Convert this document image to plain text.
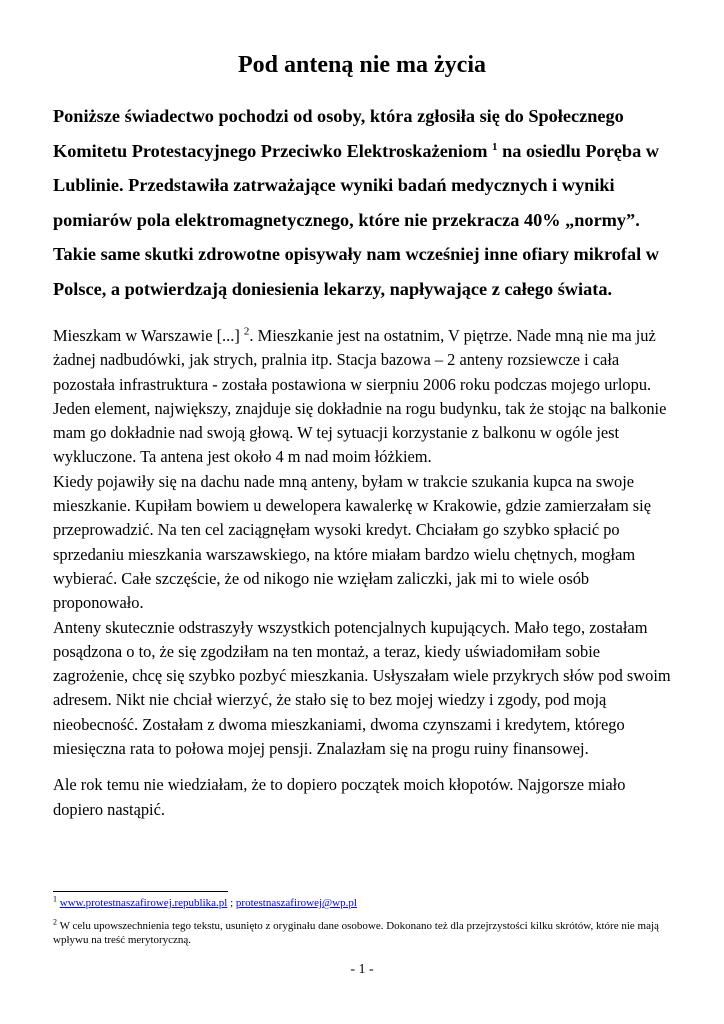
Pod anteną nie ma życia

Poniższe świadectwo pochodzi od osoby, która zgłosiła się do Społecznego Komitetu Protestacyjnego Przeciwko Elektroskażeniom $^1$ na osiedlu Poręba w Lublinie. Przedstawiła zatrważające wyniki badań medycznych i wyniki pomiarów pola elektromagnetycznego, które nie przekracza 40% „normy”. Takie same skutki zdrowotne opisywały nam wcześniej inne ofiary mikrofal w Polsce, a potwierdzają doniesienia lekarzy, napływające z całego świata.

Mieszkam w Warszawie [...] $^2$. Mieszkanie jest na ostatnim, V piętrze. Nade mną nie ma już żadnej nadbudówki, jak strych, pralnia itp. Stacja bazowa – 2 anteny rozsiewcze i cała pozostała infrastruktura - została postawiona w sierpniu 2006 roku podczas mojego urlopu. Jeden element, największy, znajduje się dokładnie na rogu budynku, tak że stojąc na balkonie mam go dokładnie nad swoją głową. W tej sytuacji korzystanie z balkonu w ogóle jest wykluczone. Ta antena jest około 4 m nad moim łóżkiem.

Kiedy pojawiły się na dachu nade mną anteny, byłam w trakcie szukania kupca na swoje mieszkanie. Kupiłam bowiem u dewelopera kawalerkę w Krakowie, gdzie zamierzałam się przeprowadzić. Na ten cel zaciągnęłam wysoki kredyt. Chciałam go szybko spłacić po sprzedaniu mieszkania warszawskiego, na które miałam bardzo wielu chętnych, mogłam wybierać. Całe szczęście, że od nikogo nie wzięłam zaliczki, jak mi to wiele osób proponowało.

Anteny skutecznie odstraszyły wszystkich potencjalnych kupujących. Mało tego, zostałam posądzona o to, że się zgodziłam na ten montaż, a teraz, kiedy uświadomiłam sobie zagrożenie, chcę się szybko pozbyć mieszkania. Usłyszałam wiele przykrych słów pod swoim adresem. Nikt nie chciał wierzyć, że stało się to bez mojej wiedzy i zgody, pod moją nieobecność. Zostałam z dwoma mieszkaniami, dwoma czynszami i kredytem, którego miesięczna rata to połowa mojej pensji. Znalazłam się na progu ruiny finansowej.

Ale rok temu nie wiedziałam, że to dopiero początek moich kłopotów. Najgorsze miało dopiero nastąpić.

$^1$ www.protestnaszafirowej.republika.pl ; protestnaszafirowej@wp.pl

$^2$ W celu upowszechnienia tego tekstu, usunięto z oryginału dane osobowe. Dokonano też dla przejrzystości kilku skrótów, które nie mają wpływu na treść merytoryczną.

- 1 -
